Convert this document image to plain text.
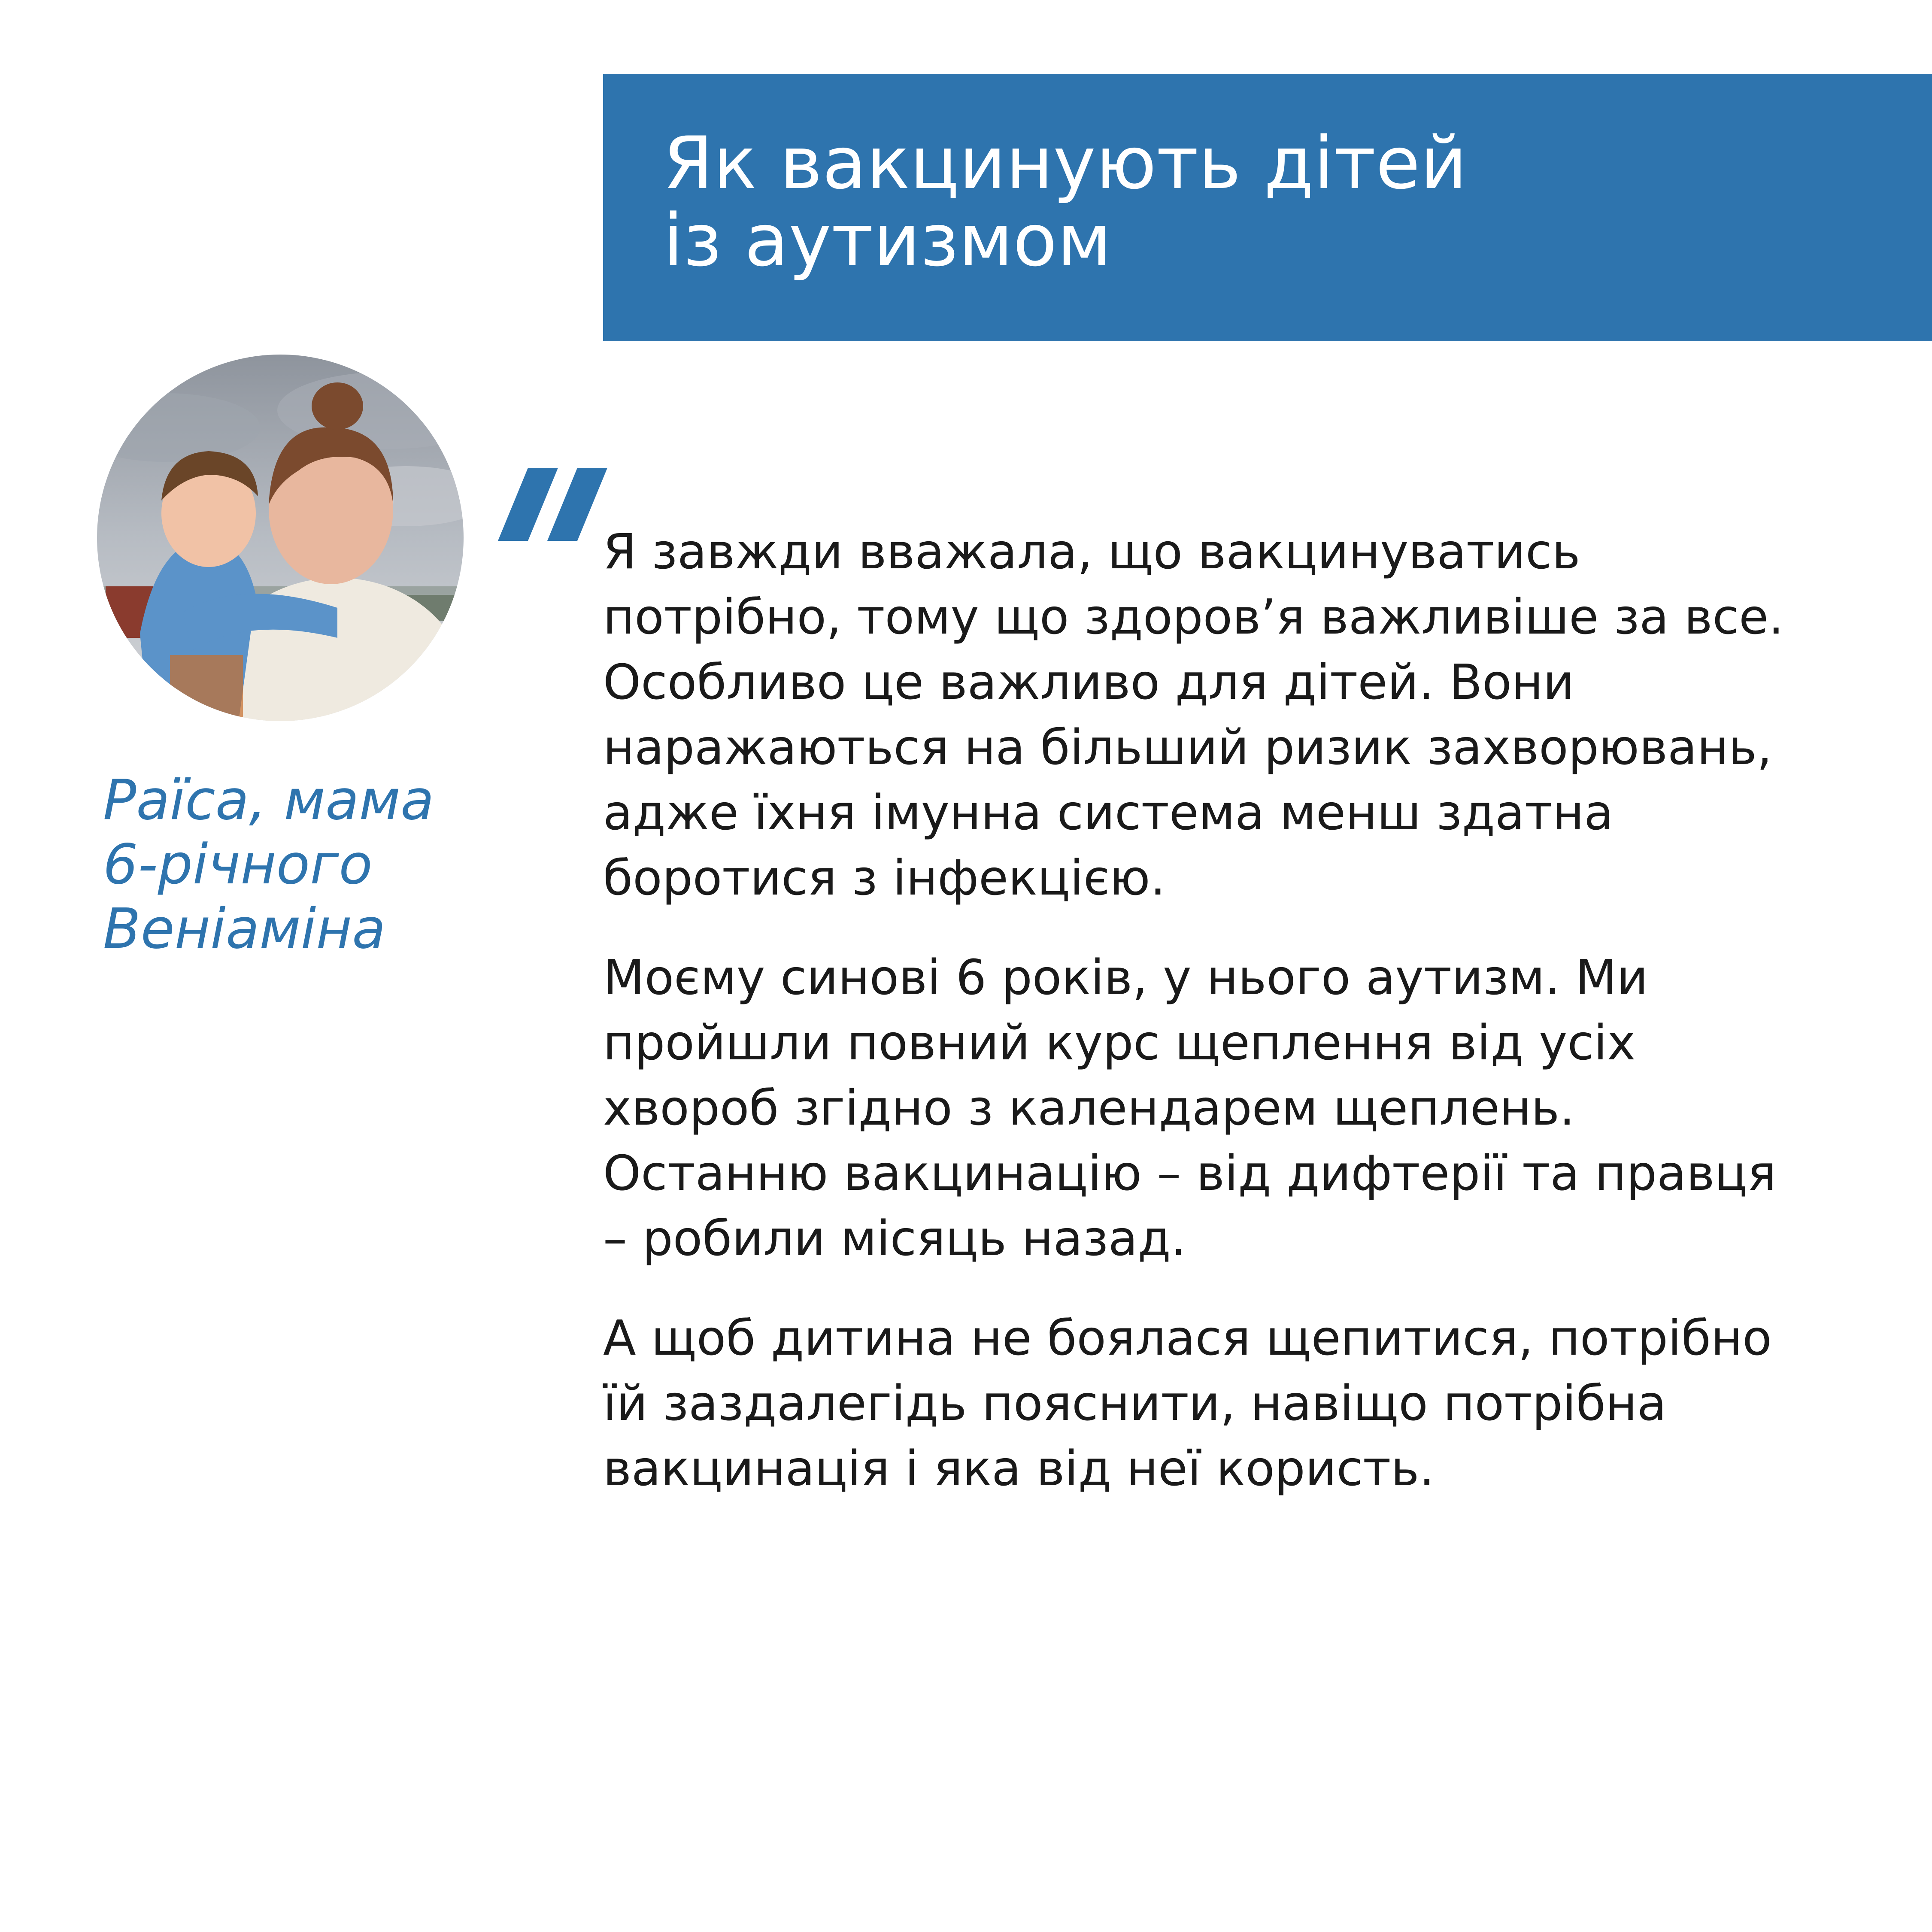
Як вакцинують дітей
із аутизмом
Раїса, мама
6-річного
Веніаміна
Я завжди вважала, що вакцинуватись
потрібно, тому що здоров’я важливіше за все.
Особливо це важливо для дітей. Вони
наражаються на більший ризик захворювань,
адже їхня імунна система менш здатна
боротися з інфекцією.
Моєму синові 6 років, у нього аутизм. Ми
пройшли повний курс щеплення від усіх
хвороб згідно з календарем щеплень.
Останню вакцинацію – від дифтерії та правця
– робили місяць назад.
А щоб дитина не боялася щепитися, потрібно
їй заздалегідь пояснити, навіщо потрібна
вакцинація і яка від неї користь.
